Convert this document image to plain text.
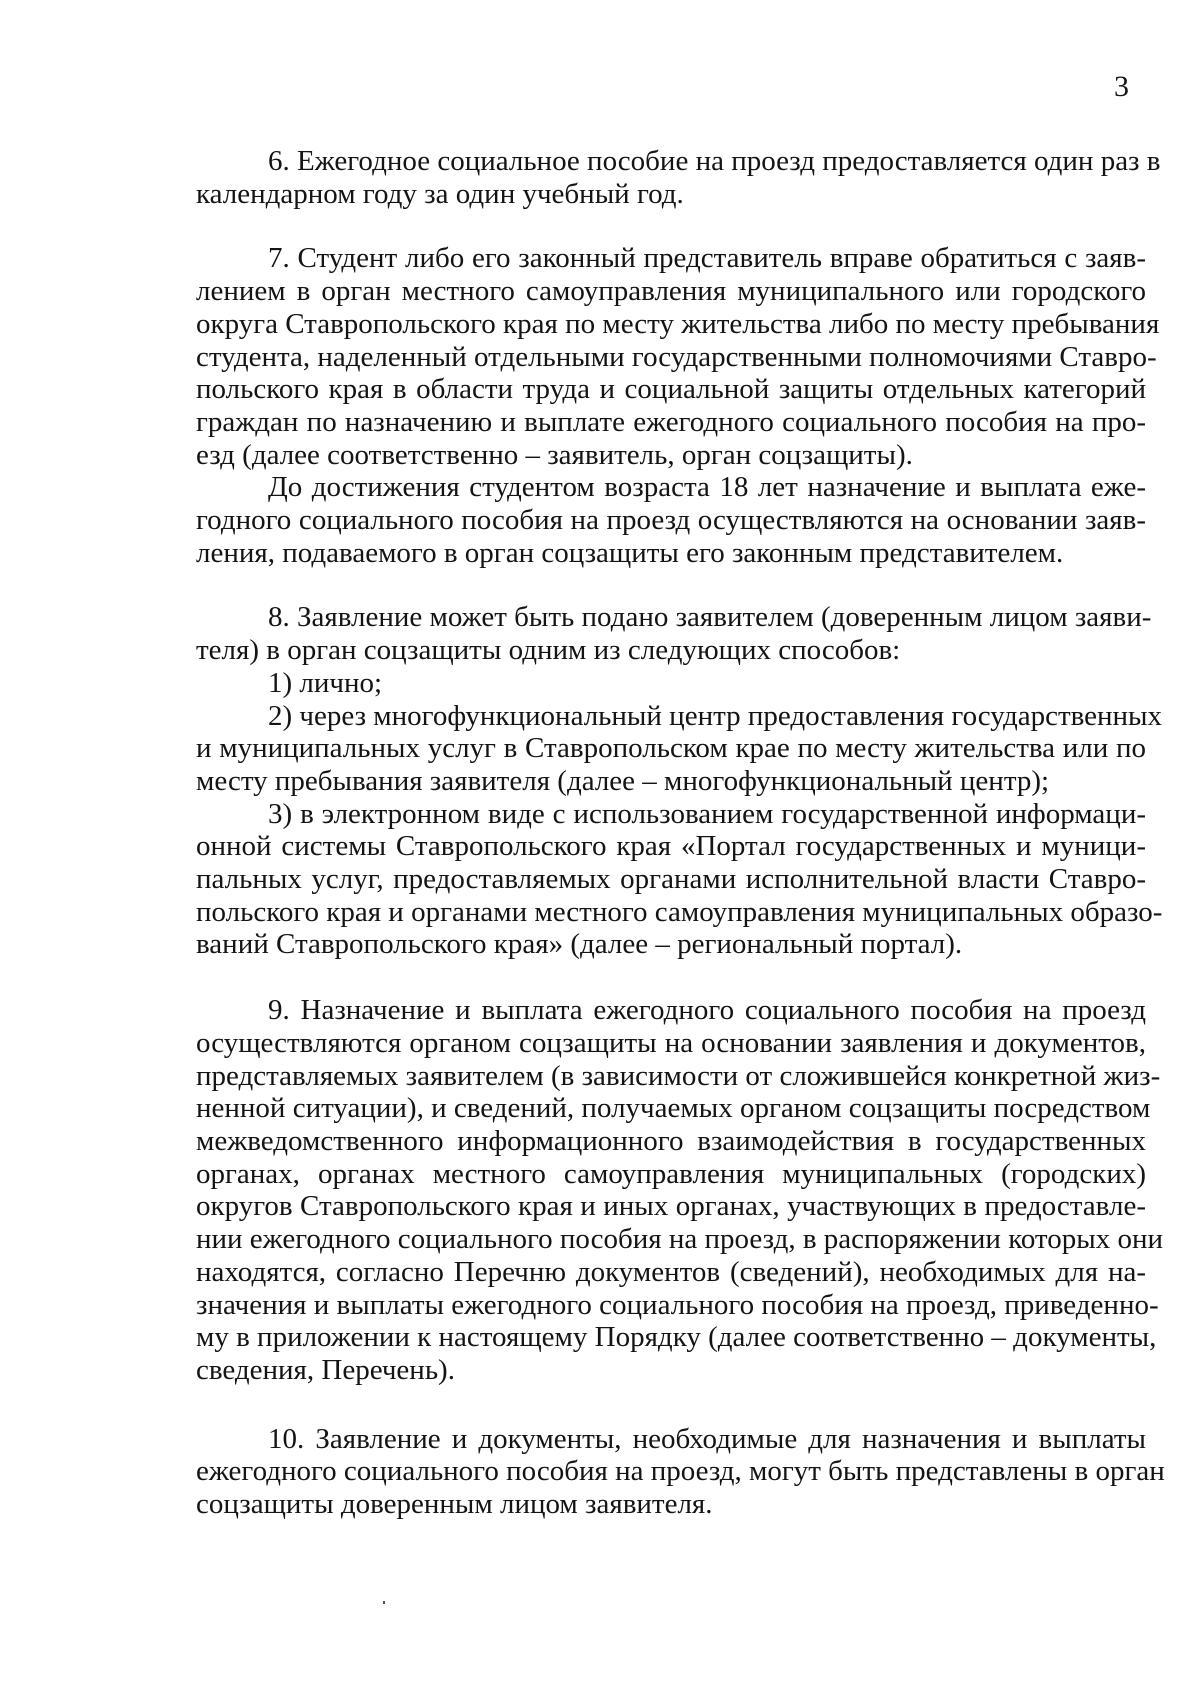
3
6. Ежегодное социальное пособие на проезд предоставляется один раз в
календарном году за один учебный год.
7. Студент либо его законный представитель вправе обратиться с заяв-
лением в орган местного самоуправления муниципального или городского
округа Ставропольского края по месту жительства либо по месту пребывания
студента, наделенный отдельными государственными полномочиями Ставро-
польского края в области труда и социальной защиты отдельных категорий
граждан по назначению и выплате ежегодного социального пособия на про-
езд (далее соответственно – заявитель, орган соцзащиты).
До достижения студентом возраста 18 лет назначение и выплата еже-
годного социального пособия на проезд осуществляются на основании заяв-
ления, подаваемого в орган соцзащиты его законным представителем.
8. Заявление может быть подано заявителем (доверенным лицом заяви-
теля) в орган соцзащиты одним из следующих способов:
1) лично;
2) через многофункциональный центр предоставления государственных
и муниципальных услуг в Ставропольском крае по месту жительства или по
месту пребывания заявителя (далее – многофункциональный центр);
3) в электронном виде с использованием государственной информаци-
онной системы Ставропольского края «Портал государственных и муници-
пальных услуг, предоставляемых органами исполнительной власти Ставро-
польского края и органами местного самоуправления муниципальных образо-
ваний Ставропольского края» (далее – региональный портал).
9. Назначение и выплата ежегодного социального пособия на проезд
осуществляются органом соцзащиты на основании заявления и документов,
представляемых заявителем (в зависимости от сложившейся конкретной жиз-
ненной ситуации), и сведений, получаемых органом соцзащиты посредством
межведомственного информационного взаимодействия в государственных
органах, органах местного самоуправления муниципальных (городских)
округов Ставропольского края и иных органах, участвующих в предоставле-
нии ежегодного социального пособия на проезд, в распоряжении которых они
находятся, согласно Перечню документов (сведений), необходимых для на-
значения и выплаты ежегодного социального пособия на проезд, приведенно-
му в приложении к настоящему Порядку (далее соответственно – документы,
сведения, Перечень).
10. Заявление и документы, необходимые для назначения и выплаты
ежегодного социального пособия на проезд, могут быть представлены в орган
соцзащиты доверенным лицом заявителя.
